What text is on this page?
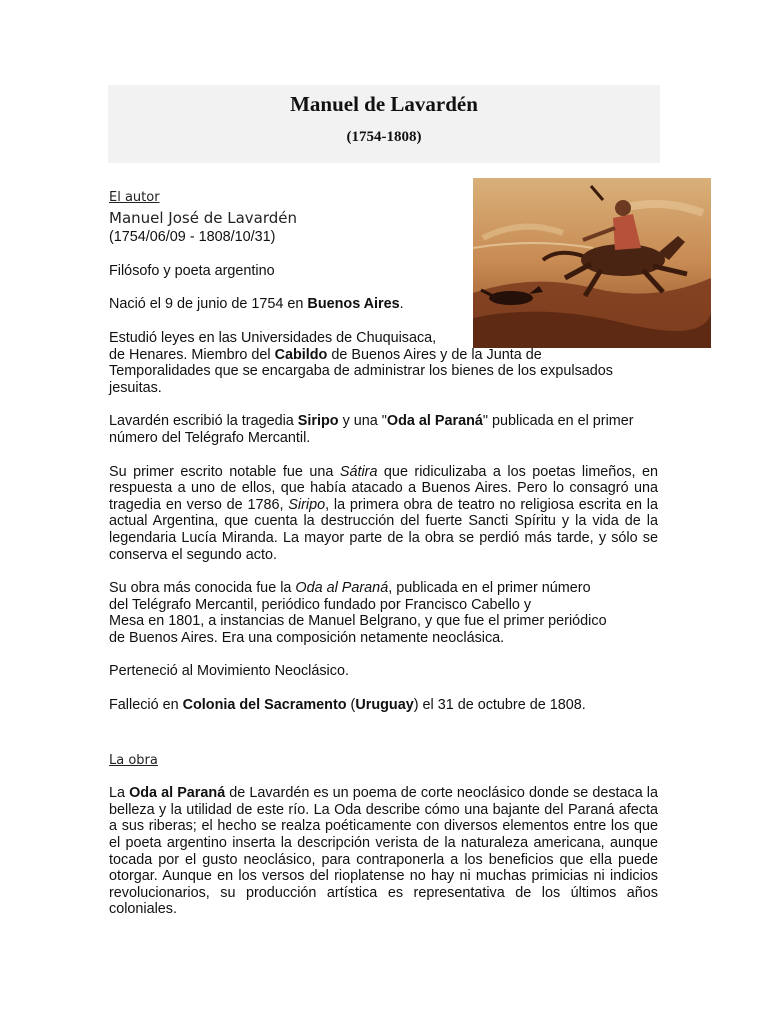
Manuel de Lavardén
(1754-1808)
El autor
Manuel José de Lavardén

(1754/06/09 - 1808/10/31)

Filósofo y poeta argentino

Nació el 9 de junio de 1754 en Buenos Aires.

Estudió leyes en las Universidades de Chuquisaca,
de Henares. Miembro del Cabildo de Buenos Aires y de la Junta de
Temporalidades que se encargaba de administrar los bienes de los expulsados jesuitas.

Lavardén escribió la tragedia Siripo y una "Oda al Paraná" publicada en el primer número del Telégrafo Mercantil.

Su primer escrito notable fue una Sátira que ridiculizaba a los poetas limeños, en respuesta a uno de ellos, que había atacado a Buenos Aires. Pero lo consagró una tragedia en verso de 1786, Siripo, la primera obra de teatro no religiosa escrita en la actual Argentina, que cuenta la destrucción del fuerte Sancti Spíritu y la vida de la legendaria Lucía Miranda. La mayor parte de la obra se perdió más tarde, y sólo se conserva el segundo acto.

Su obra más conocida fue la Oda al Paraná, publicada en el primer número
del Telégrafo Mercantil, periódico fundado por Francisco Cabello y
Mesa en 1801, a instancias de Manuel Belgrano, y que fue el primer periódico
de Buenos Aires. Era una composición netamente neoclásica.

Perteneció al Movimiento Neoclásico.

Falleció en Colonia del Sacramento (Uruguay) el 31 de octubre de 1808.

La obra

La Oda al Paraná de Lavardén es un poema de corte neoclásico donde se destaca la belleza y la utilidad de este río. La Oda describe cómo una bajante del Paraná afecta a sus riberas; el hecho se realza poéticamente con diversos elementos entre los que el poeta argentino inserta la descripción verista de la naturaleza americana, aunque tocada por el gusto neoclásico, para contraponerla a los beneficios que ella puede otorgar. Aunque en los versos del rioplatense no hay ni muchas primicias ni indicios revolucionarios, su producción artística es representativa de los últimos años coloniales.
